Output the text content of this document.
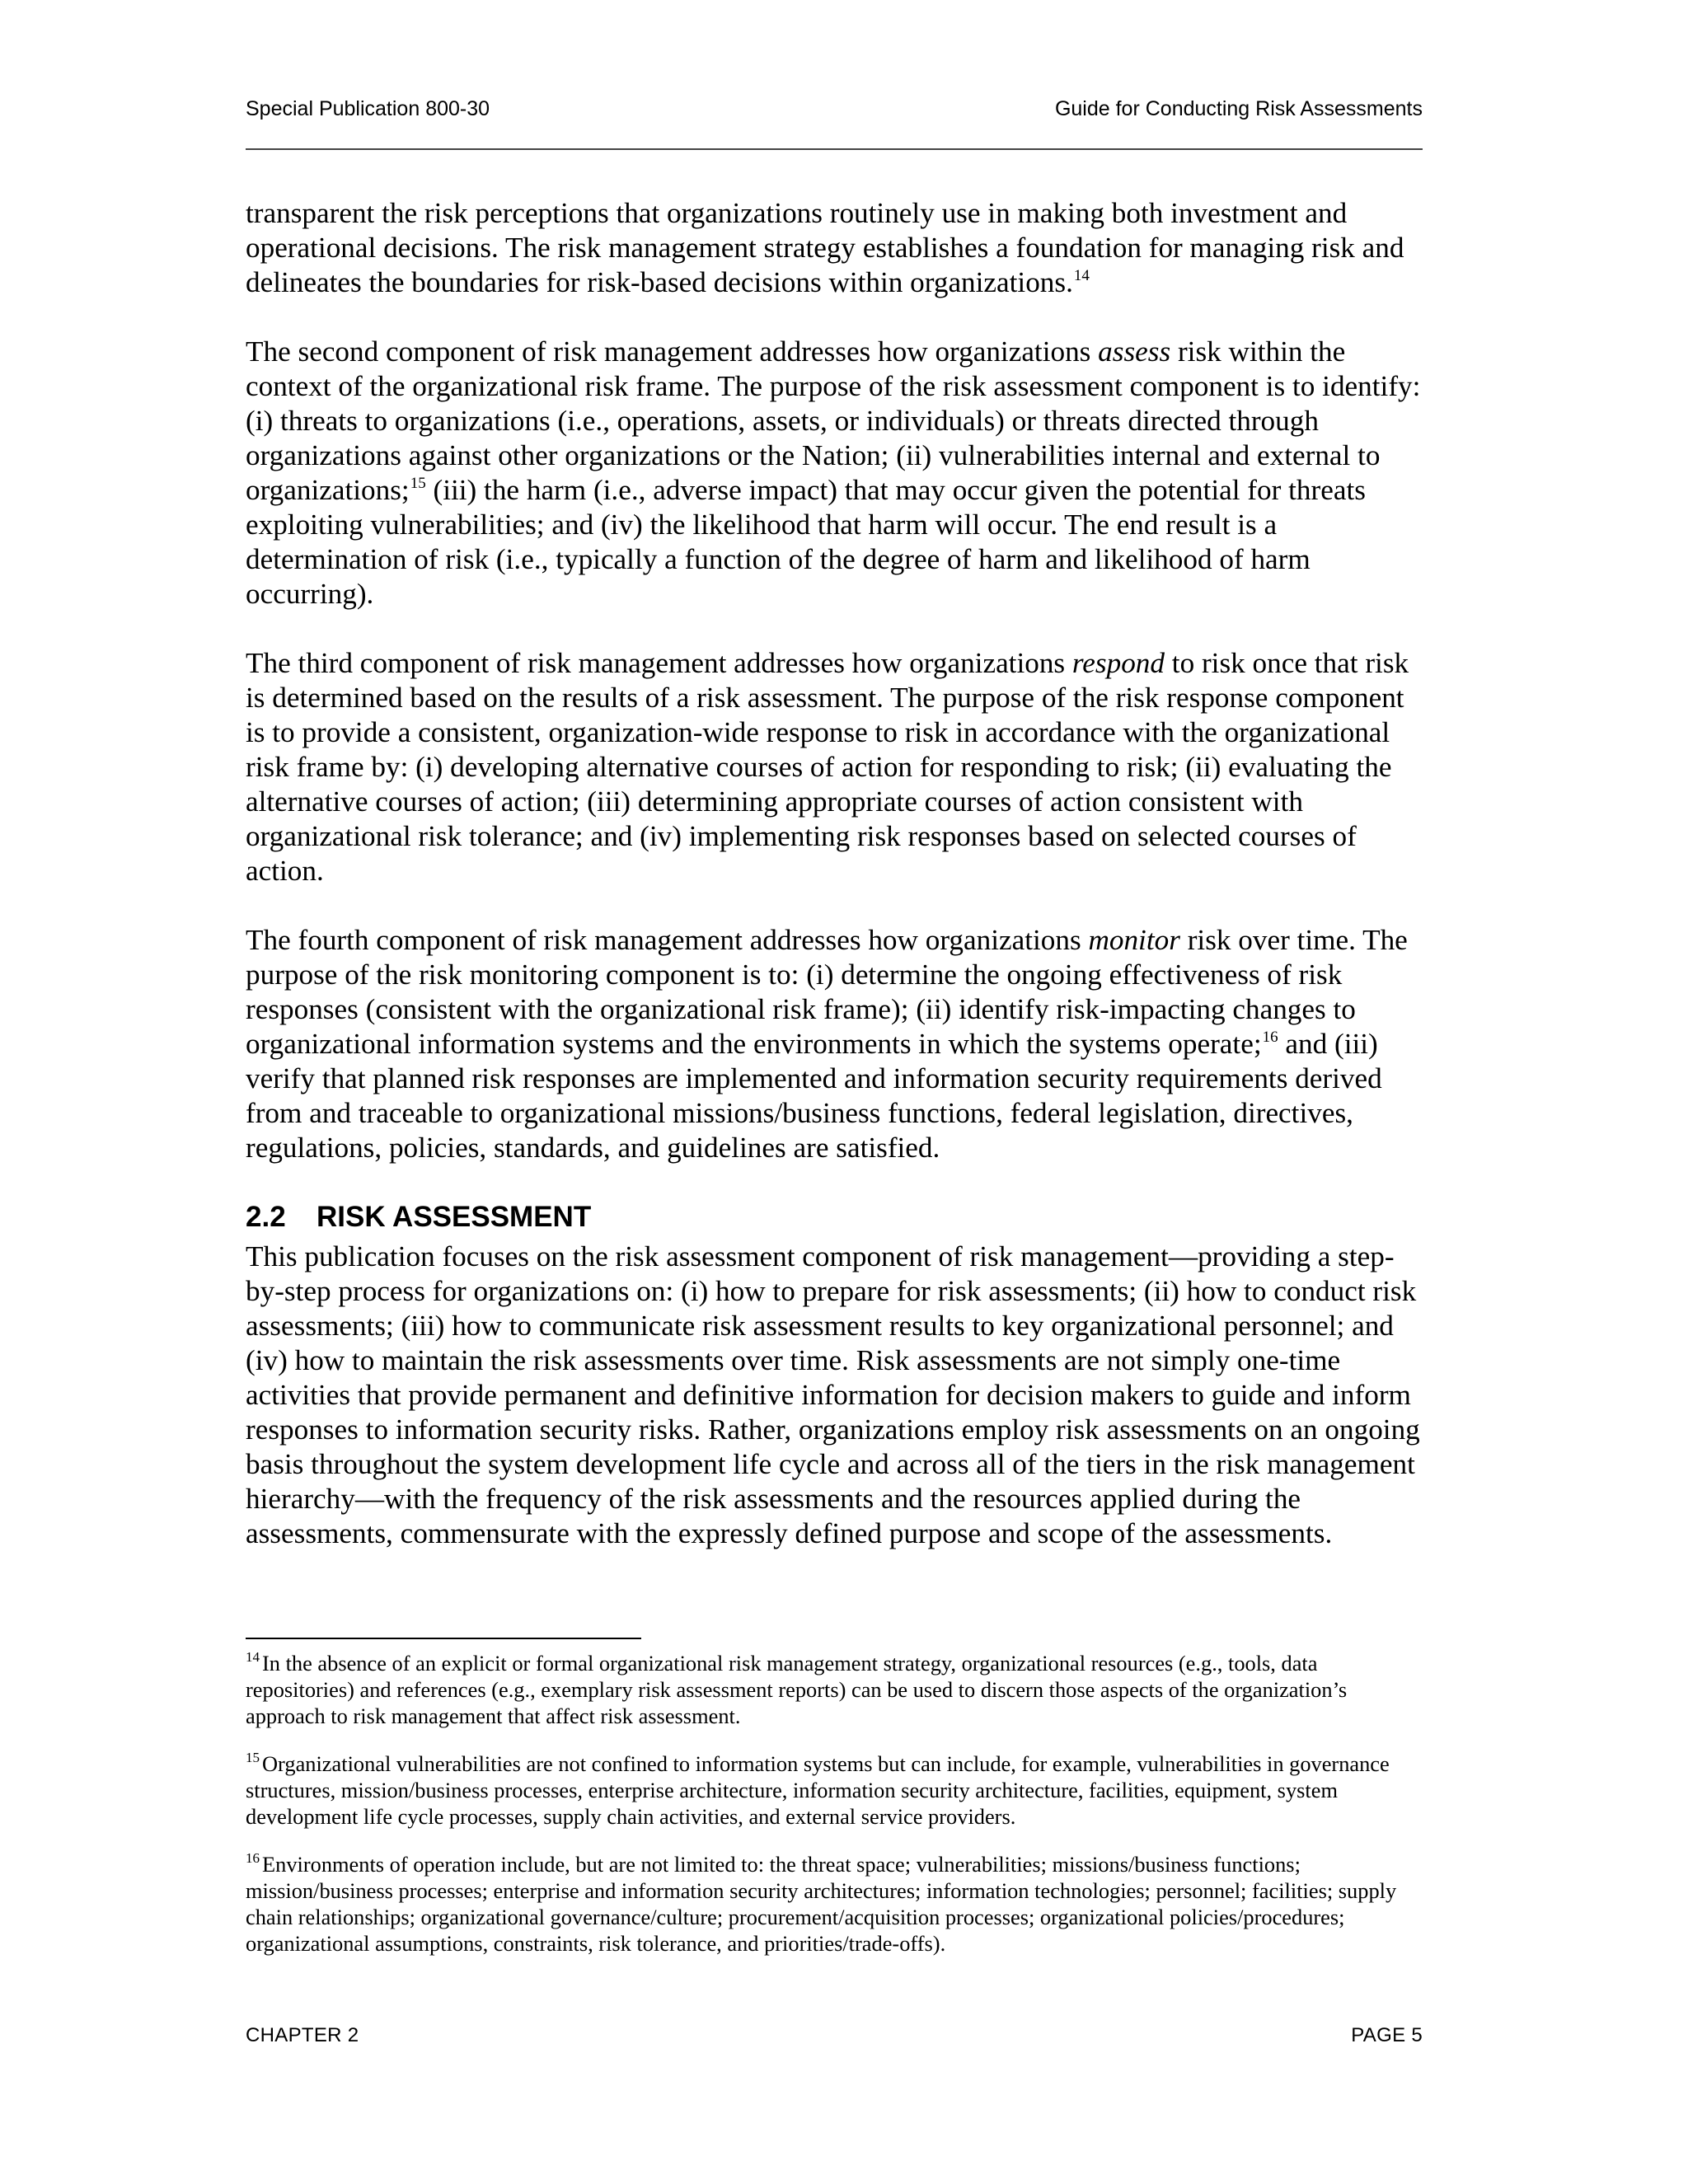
Special Publication 800-30	Guide for Conducting Risk Assessments

transparent the risk perceptions that organizations routinely use in making both investment and operational decisions. The risk management strategy establishes a foundation for managing risk and delineates the boundaries for risk-based decisions within organizations.$^{14}$

The second component of risk management addresses how organizations assess risk within the context of the organizational risk frame. The purpose of the risk assessment component is to identify: (i) threats to organizations (i.e., operations, assets, or individuals) or threats directed through organizations against other organizations or the Nation; (ii) vulnerabilities internal and external to organizations;$^{15}$ (iii) the harm (i.e., adverse impact) that may occur given the potential for threats exploiting vulnerabilities; and (iv) the likelihood that harm will occur. The end result is a determination of risk (i.e., typically a function of the degree of harm and likelihood of harm occurring).

The third component of risk management addresses how organizations respond to risk once that risk is determined based on the results of a risk assessment. The purpose of the risk response component is to provide a consistent, organization-wide response to risk in accordance with the organizational risk frame by: (i) developing alternative courses of action for responding to risk; (ii) evaluating the alternative courses of action; (iii) determining appropriate courses of action consistent with organizational risk tolerance; and (iv) implementing risk responses based on selected courses of action.

The fourth component of risk management addresses how organizations monitor risk over time. The purpose of the risk monitoring component is to: (i) determine the ongoing effectiveness of risk responses (consistent with the organizational risk frame); (ii) identify risk-impacting changes to organizational information systems and the environments in which the systems operate;$^{16}$ and (iii) verify that planned risk responses are implemented and information security requirements derived from and traceable to organizational missions/business functions, federal legislation, directives, regulations, policies, standards, and guidelines are satisfied.

2.2 RISK ASSESSMENT

This publication focuses on the risk assessment component of risk management—providing a step-by-step process for organizations on: (i) how to prepare for risk assessments; (ii) how to conduct risk assessments; (iii) how to communicate risk assessment results to key organizational personnel; and (iv) how to maintain the risk assessments over time. Risk assessments are not simply one-time activities that provide permanent and definitive information for decision makers to guide and inform responses to information security risks. Rather, organizations employ risk assessments on an ongoing basis throughout the system development life cycle and across all of the tiers in the risk management hierarchy—with the frequency of the risk assessments and the resources applied during the assessments, commensurate with the expressly defined purpose and scope of the assessments.

$^{14}$ In the absence of an explicit or formal organizational risk management strategy, organizational resources (e.g., tools, data repositories) and references (e.g., exemplary risk assessment reports) can be used to discern those aspects of the organization’s approach to risk management that affect risk assessment.
$^{15}$ Organizational vulnerabilities are not confined to information systems but can include, for example, vulnerabilities in governance structures, mission/business processes, enterprise architecture, information security architecture, facilities, equipment, system development life cycle processes, supply chain activities, and external service providers.
$^{16}$ Environments of operation include, but are not limited to: the threat space; vulnerabilities; missions/business functions; mission/business processes; enterprise and information security architectures; information technologies; personnel; facilities; supply chain relationships; organizational governance/culture; procurement/acquisition processes; organizational policies/procedures; organizational assumptions, constraints, risk tolerance, and priorities/trade-offs).
CHAPTER 2	PAGE 5
